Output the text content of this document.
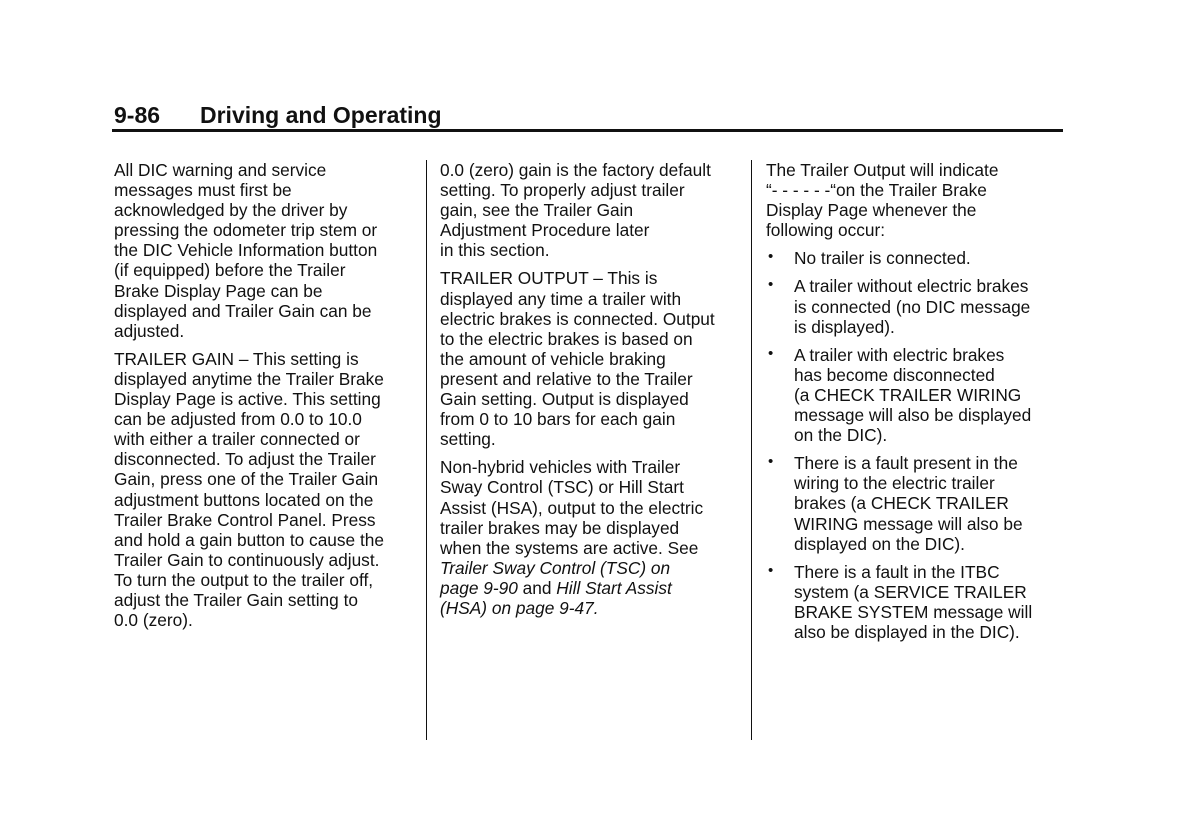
9-86 Driving and Operating

All DIC warning and service
messages must first be
acknowledged by the driver by
pressing the odometer trip stem or
the DIC Vehicle Information button
(if equipped) before the Trailer
Brake Display Page can be
displayed and Trailer Gain can be
adjusted.

TRAILER GAIN – This setting is
displayed anytime the Trailer Brake
Display Page is active. This setting
can be adjusted from 0.0 to 10.0
with either a trailer connected or
disconnected. To adjust the Trailer
Gain, press one of the Trailer Gain
adjustment buttons located on the
Trailer Brake Control Panel. Press
and hold a gain button to cause the
Trailer Gain to continuously adjust.
To turn the output to the trailer off,
adjust the Trailer Gain setting to
0.0 (zero).

0.0 (zero) gain is the factory default
setting. To properly adjust trailer
gain, see the Trailer Gain
Adjustment Procedure later
in this section.

TRAILER OUTPUT – This is
displayed any time a trailer with
electric brakes is connected. Output
to the electric brakes is based on
the amount of vehicle braking
present and relative to the Trailer
Gain setting. Output is displayed
from 0 to 10 bars for each gain
setting.

Non-hybrid vehicles with Trailer
Sway Control (TSC) or Hill Start
Assist (HSA), output to the electric
trailer brakes may be displayed
when the systems are active. See
Trailer Sway Control (TSC) on
page 9-90 and Hill Start Assist
(HSA) on page 9-47.

The Trailer Output will indicate
“- - - - - -“on the Trailer Brake
Display Page whenever the
following occur:

• No trailer is connected.
• A trailer without electric brakes
is connected (no DIC message
is displayed).
• A trailer with electric brakes
has become disconnected
(a CHECK TRAILER WIRING
message will also be displayed
on the DIC).
• There is a fault present in the
wiring to the electric trailer
brakes (a CHECK TRAILER
WIRING message will also be
displayed on the DIC).
• There is a fault in the ITBC
system (a SERVICE TRAILER
BRAKE SYSTEM message will
also be displayed in the DIC).
